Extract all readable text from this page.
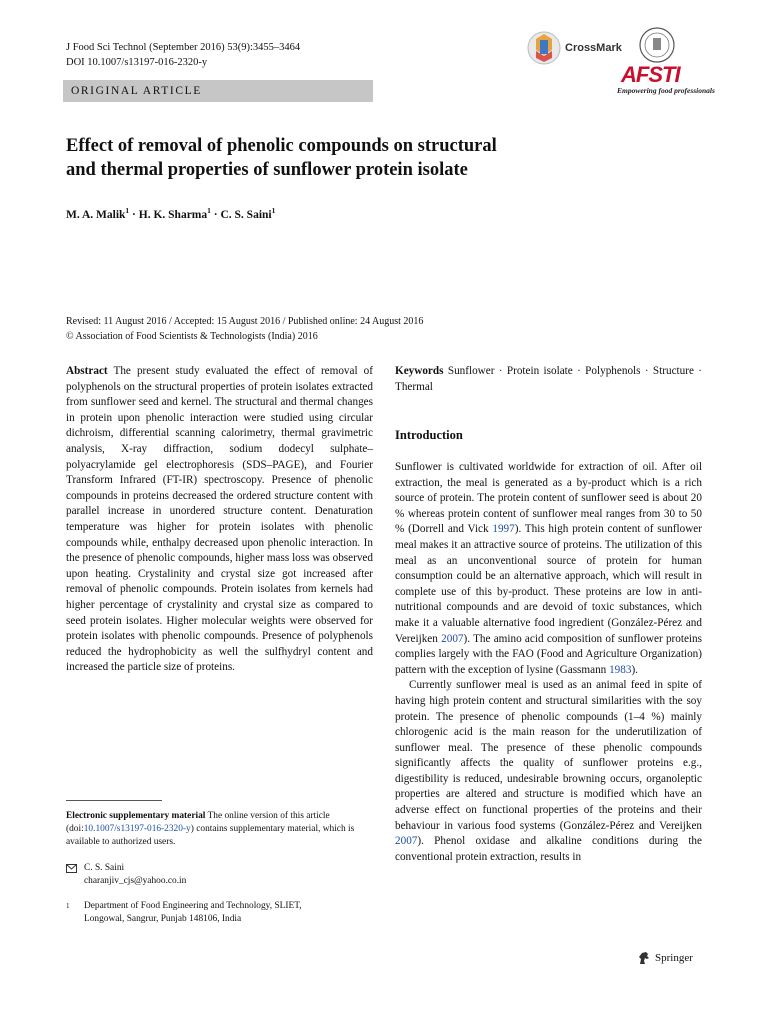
J Food Sci Technol (September 2016) 53(9):3455–3464
DOI 10.1007/s13197-016-2320-y
ORIGINAL ARTICLE
CrossMark
AFSTI
Empowering food professionals
Effect of removal of phenolic compounds on structural
and thermal properties of sunflower protein isolate
M. A. Malik$^1$ · H. K. Sharma$^1$ · C. S. Saini$^1$
Revised: 11 August 2016 / Accepted: 15 August 2016 / Published online: 24 August 2016
© Association of Food Scientists & Technologists (India) 2016
Abstract The present study evaluated the effect of removal of polyphenols on the structural properties of protein isolates extracted from sunflower seed and kernel. The structural and thermal changes in protein upon phenolic interaction were studied using circular dichroism, differential scanning calorimetry, thermal gravimetric analysis, X-ray diffraction, sodium dodecyl sulphate–polyacrylamide gel electrophoresis (SDS–PAGE), and Fourier Transform Infrared (FT-IR) spectroscopy. Presence of phenolic compounds in proteins decreased the ordered structure content with parallel increase in unordered structure content. Denaturation temperature was higher for protein isolates with phenolic compounds while, enthalpy decreased upon phenolic interaction. In the presence of phenolic compounds, higher mass loss was observed upon heating. Crystalinity and crystal size got increased after removal of phenolic compounds. Protein isolates from kernels had higher percentage of crystalinity and crystal size as compared to seed protein isolates. Higher molecular weights were observed for protein isolates with phenolic compounds. Presence of polyphenols reduced the hydrophobicity as well the sulfhydryl content and increased the particle size of proteins.
Keywords Sunflower · Protein isolate · Polyphenols · Structure · Thermal
Introduction

Sunflower is cultivated worldwide for extraction of oil. After oil extraction, the meal is generated as a by-product which is a rich source of protein. The protein content of sunflower seed is about 20 % whereas protein content of sunflower meal ranges from 30 to 50 % (Dorrell and Vick 1997). This high protein content of sunflower meal makes it an attractive source of proteins. The utilization of this meal as an unconventional source of protein for human consumption could be an alternative approach, which will result in complete use of this by-product. These proteins are low in anti-nutritional compounds and are devoid of toxic substances, which make it a valuable alternative food ingredient (González-Pérez and Vereijken 2007). The amino acid composition of sunflower proteins complies largely with the FAO (Food and Agriculture Organization) pattern with the exception of lysine (Gassmann 1983).

Currently sunflower meal is used as an animal feed in spite of having high protein content and structural similarities with the soy protein. The presence of phenolic compounds (1–4 %) mainly chlorogenic acid is the main reason for the underutilization of sunflower meal. The presence of these phenolic compounds significantly affects the quality of sunflower proteins e.g., digestibility is reduced, undesirable browning occurs, organoleptic properties are altered and structure is modified which have an adverse effect on functional properties of the proteins and their behaviour in various food systems (González-Pérez and Vereijken 2007). Phenol oxidase and alkaline conditions during the conventional protein extraction, results in

Electronic supplementary material The online version of this article (doi:10.1007/s13197-016-2320-y) contains supplementary material, which is available to authorized users.
C. S. Saini
charanjiv_cjs@yahoo.co.in
1 Department of Food Engineering and Technology, SLIET,
Longowal, Sangrur, Punjab 148106, India
Springer
